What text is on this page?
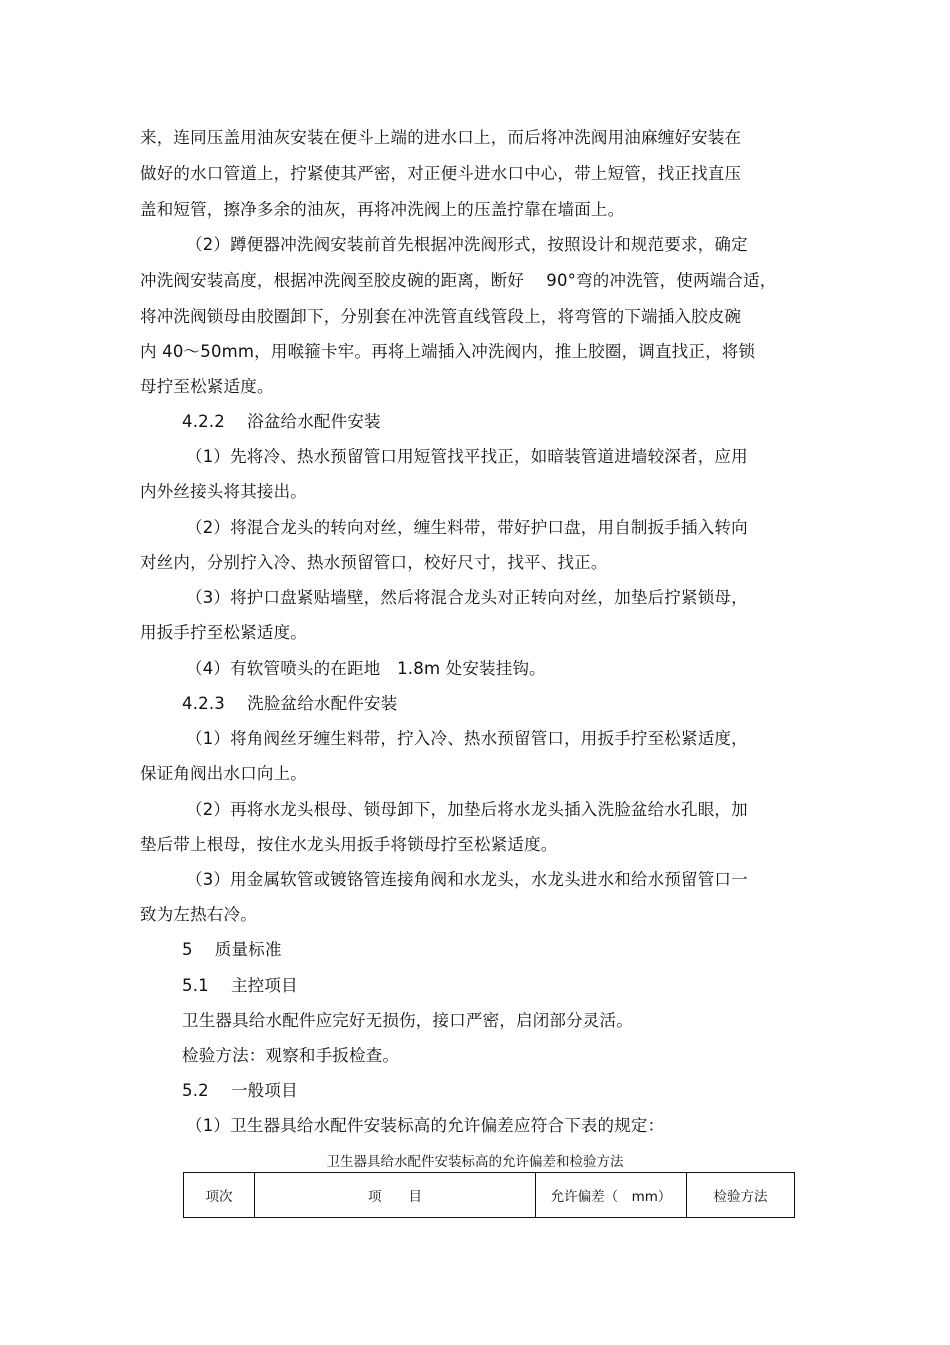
来，连同压盖用油灰安装在便斗上端的进水口上，而后将冲洗阀用油麻缠好安装在
做好的水口管道上，拧紧使其严密，对正便斗进水口中心，带上短管，找正找直压
盖和短管，擦净多余的油灰，再将冲洗阀上的压盖拧靠在墙面上。
（2）蹲便器冲洗阀安装前首先根据冲洗阀形式，按照设计和规范要求，确定
冲洗阀安装高度，根据冲洗阀至胶皮碗的距离，断好　 90°弯的冲洗管，使两端合适，
将冲洗阀锁母由胶圈卸下，分别套在冲洗管直线管段上，将弯管的下端插入胶皮碗
内 40～50mm，用喉箍卡牢。再将上端插入冲洗阀内，推上胶圈，调直找正，将锁
母拧至松紧适度。
4.2.2　 浴盆给水配件安装
（1）先将冷、热水预留管口用短管找平找正，如暗装管道进墙较深者，应用
内外丝接头将其接出。
（2）将混合龙头的转向对丝，缠生料带，带好护口盘，用自制扳手插入转向
对丝内，分别拧入冷、热水预留管口，校好尺寸，找平、找正。
（3）将护口盘紧贴墙壁，然后将混合龙头对正转向对丝，加垫后拧紧锁母，
用扳手拧至松紧适度。
（4）有软管喷头的在距地　1.8m 处安装挂钩。
4.2.3　 洗脸盆给水配件安装
（1）将角阀丝牙缠生料带，拧入冷、热水预留管口，用扳手拧至松紧适度，
保证角阀出水口向上。
（2）再将水龙头根母、锁母卸下，加垫后将水龙头插入洗脸盆给水孔眼，加
垫后带上根母，按住水龙头用扳手将锁母拧至松紧适度。
（3）用金属软管或镀铬管连接角阀和水龙头，水龙头进水和给水预留管口一
致为左热右冷。
5　 质量标准
5.1　 主控项目
卫生器具给水配件应完好无损伤，接口严密，启闭部分灵活。
检验方法：观察和手扳检查。
5.2　 一般项目
（1）卫生器具给水配件安装标高的允许偏差应符合下表的规定：
卫生器具给水配件安装标高的允许偏差和检验方法
项次	项　　目	允许偏差（　mm）	检验方法
